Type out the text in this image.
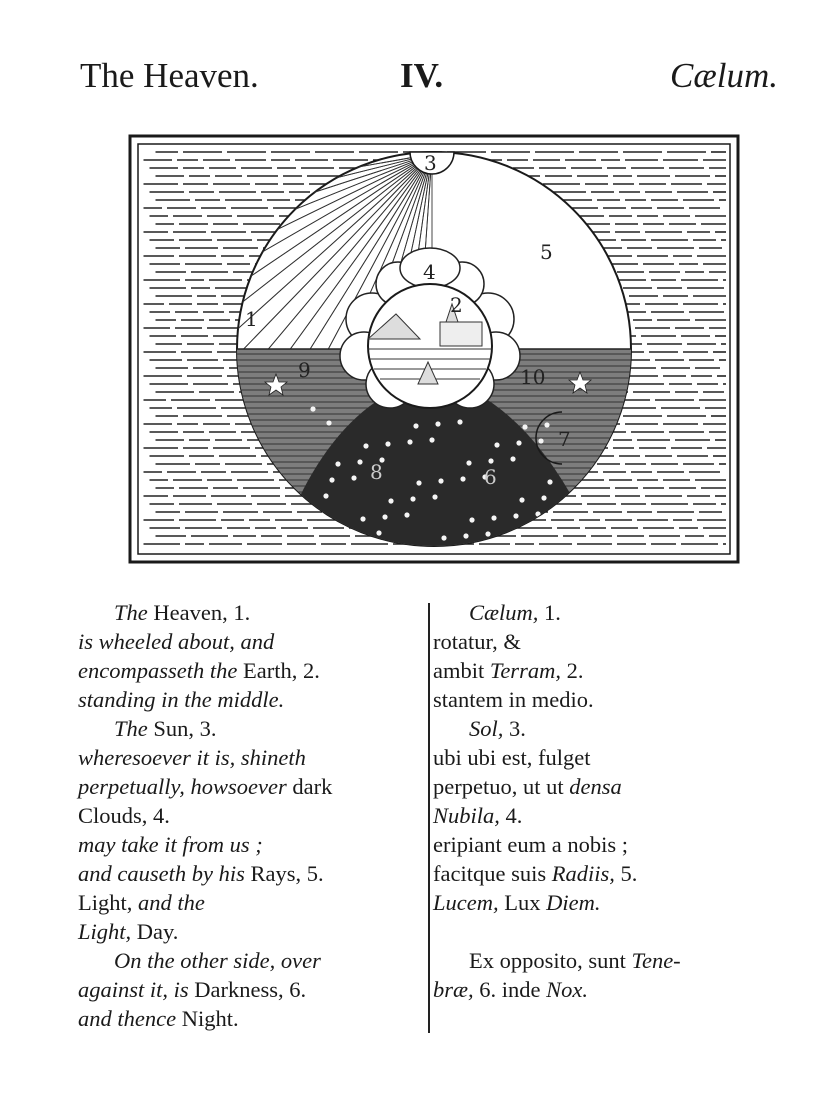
The Heaven.	IV.	Cælum.
1
2
3
4
5
6
7
8
9	10
The Heaven, 1.
is wheeled about, and
encompasseth the Earth, 2.
standing in the middle.
The Sun, 3.
wheresoever it is, shineth
perpetually, howsoever dark
Clouds, 4.
may take it from us ;
and causeth by his Rays, 5.
Light, and the
Light, Day.
On the other side, over
against it, is Darkness, 6.
and thence Night.
Cælum, 1.
rotatur, &
ambit Terram, 2.
stantem in medio.
Sol, 3.
ubi ubi est, fulget
perpetuo, ut ut densa
Nubila, 4.
eripiant eum a nobis ;
facitque suis Radiis, 5.
Lucem, Lux Diem.
Ex opposito, sunt Tene-
bræ, 6. inde Nox.
